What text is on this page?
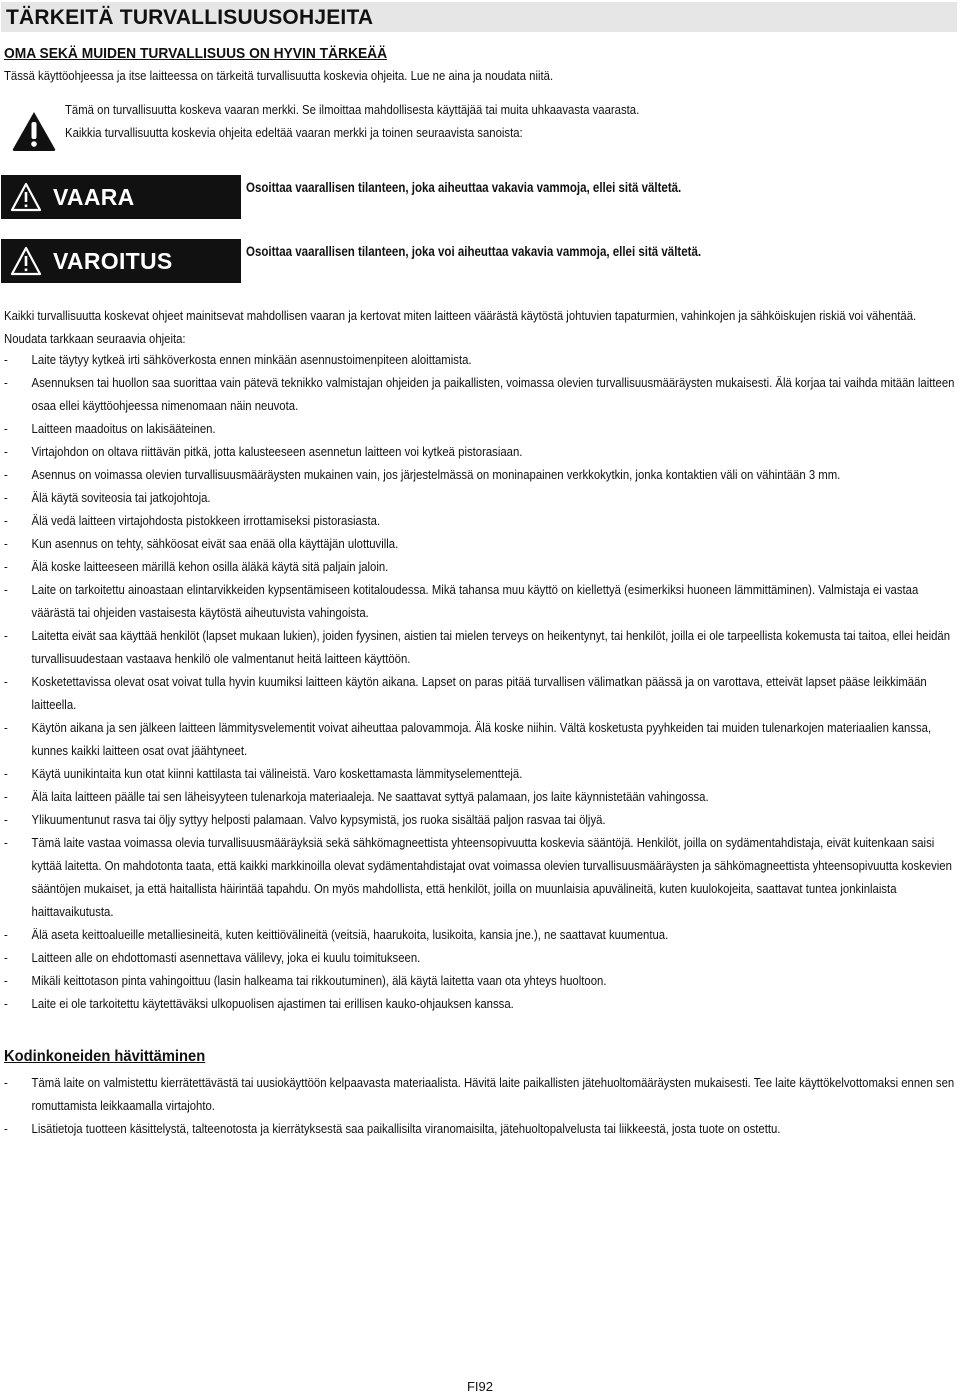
TÄRKEITÄ TURVALLISUUSOHJEITA
OMA SEKÄ MUIDEN TURVALLISUUS ON HYVIN TÄRKEÄÄ
Tässä käyttöohjeessa ja itse laitteessa on tärkeitä turvallisuutta koskevia ohjeita. Lue ne aina ja noudata niitä.
Tämä on turvallisuutta koskeva vaaran merkki. Se ilmoittaa mahdollisesta käyttäjää tai muita uhkaavasta vaarasta.
Kaikkia turvallisuutta koskevia ohjeita edeltää vaaran merkki ja toinen seuraavista sanoista:
VAARA	Osoittaa vaarallisen tilanteen, joka aiheuttaa vakavia vammoja, ellei sitä vältetä.
VAROITUS	Osoittaa vaarallisen tilanteen, joka voi aiheuttaa vakavia vammoja, ellei sitä vältetä.
Kaikki turvallisuutta koskevat ohjeet mainitsevat mahdollisen vaaran ja kertovat miten laitteen väärästä käytöstä johtuvien tapaturmien, vahinkojen ja sähköiskujen riskiä voi vähentää. Noudata tarkkaan seuraavia ohjeita:
- Laite täytyy kytkeä irti sähköverkosta ennen minkään asennustoimenpiteen aloittamista.
- Asennuksen tai huollon saa suorittaa vain pätevä teknikko valmistajan ohjeiden ja paikallisten, voimassa olevien turvallisuusmääräysten mukaisesti. Älä korjaa tai vaihda mitään laitteen osaa ellei käyttöohjeessa nimenomaan näin neuvota.
- Laitteen maadoitus on lakisääteinen.
- Virtajohdon on oltava riittävän pitkä, jotta kalusteeseen asennetun laitteen voi kytkeä pistorasiaan.
- Asennus on voimassa olevien turvallisuusmääräysten mukainen vain, jos järjestelmässä on moninapainen verkkokytkin, jonka kontaktien väli on vähintään 3 mm.
- Älä käytä soviteosia tai jatkojohtoja.
- Älä vedä laitteen virtajohdosta pistokkeen irrottamiseksi pistorasiasta.
- Kun asennus on tehty, sähköosat eivät saa enää olla käyttäjän ulottuvilla.
- Älä koske laitteeseen märillä kehon osilla äläkä käytä sitä paljain jaloin.
- Laite on tarkoitettu ainoastaan elintarvikkeiden kypsentämiseen kotitaloudessa. Mikä tahansa muu käyttö on kiellettyä (esimerkiksi huoneen lämmittäminen). Valmistaja ei vastaa väärästä tai ohjeiden vastaisesta käytöstä aiheutuvista vahingoista.
- Laitetta eivät saa käyttää henkilöt (lapset mukaan lukien), joiden fyysinen, aistien tai mielen terveys on heikentynyt, tai henkilöt, joilla ei ole tarpeellista kokemusta tai taitoa, ellei heidän turvallisuudestaan vastaava henkilö ole valmentanut heitä laitteen käyttöön.
- Kosketettavissa olevat osat voivat tulla hyvin kuumiksi laitteen käytön aikana. Lapset on paras pitää turvallisen välimatkan päässä ja on varottava, etteivät lapset pääse leikkimään laitteella.
- Käytön aikana ja sen jälkeen laitteen lämmitysvelementit voivat aiheuttaa palovammoja. Älä koske niihin. Vältä kosketusta pyyhkeiden tai muiden tulenarkojen materiaalien kanssa, kunnes kaikki laitteen osat ovat jäähtyneet.
- Käytä uunikintaita kun otat kiinni kattilasta tai välineistä. Varo koskettamasta lämmityselementtejä.
- Älä laita laitteen päälle tai sen läheisyyteen tulenarkoja materiaaleja. Ne saattavat syttyä palamaan, jos laite käynnistetään vahingossa.
- Ylikuumentunut rasva tai öljy syttyy helposti palamaan. Valvo kypsymistä, jos ruoka sisältää paljon rasvaa tai öljyä.
- Tämä laite vastaa voimassa olevia turvallisuusmääräyksiä sekä sähkömagneettista yhteensopivuutta koskevia sääntöjä. Henkilöt, joilla on sydämentahdistaja, eivät kuitenkaan saisi kyttää laitetta. On mahdotonta taata, että kaikki markkinoilla olevat sydämentahdistajat ovat voimassa olevien turvallisuusmääräysten ja sähkömagneettista yhteensopivuutta koskevien sääntöjen mukaiset, ja että haitallista häirintää tapahdu. On myös mahdollista, että henkilöt, joilla on muunlaisia apuvälineitä, kuten kuulokojeita, saattavat tuntea jonkinlaista haittavaikutusta.
- Älä aseta keittoalueille metalliesineitä, kuten keittiövälineitä (veitsiä, haarukoita, lusikoita, kansia jne.), ne saattavat kuumentua.
- Laitteen alle on ehdottomasti asennettava välilevy, joka ei kuulu toimitukseen.
- Mikäli keittotason pinta vahingoittuu (lasin halkeama tai rikkoutuminen), älä käytä laitetta vaan ota yhteys huoltoon.
- Laite ei ole tarkoitettu käytettäväksi ulkopuolisen ajastimen tai erillisen kauko-ohjauksen kanssa.
Kodinkoneiden hävittäminen
- Tämä laite on valmistettu kierrätettävästä tai uusiokäyttöön kelpaavasta materiaalista. Hävitä laite paikallisten jätehuoltomääräysten mukaisesti. Tee laite käyttökelvottomaksi ennen sen romuttamista leikkaamalla virtajohto.
- Lisätietoja tuotteen käsittelystä, talteenotosta ja kierrätyksestä saa paikallisilta viranomaisilta, jätehuoltopalvelusta tai liikkeestä, josta tuote on ostettu.
FI92
